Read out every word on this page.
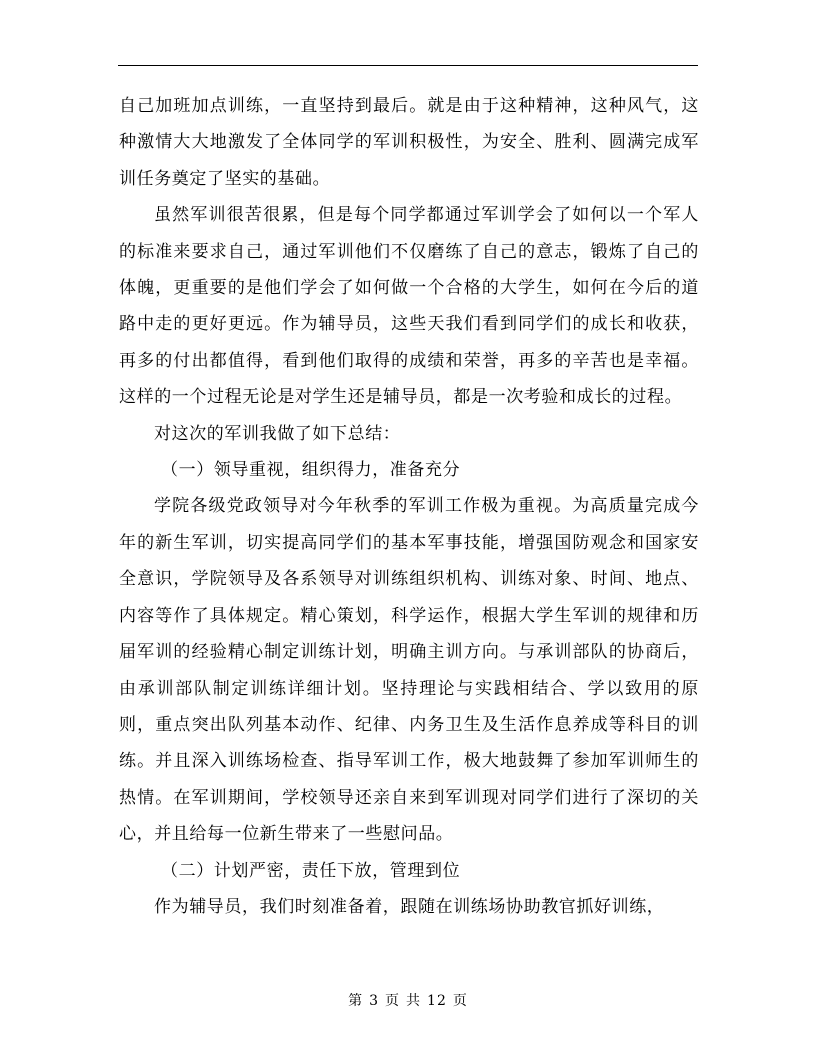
自己加班加点训练，一直坚持到最后。就是由于这种精神，这种风气，这种激情大大地激发了全体同学的军训积极性，为安全、胜利、圆满完成军训任务奠定了坚实的基础。

虽然军训很苦很累，但是每个同学都通过军训学会了如何以一个军人的标准来要求自己，通过军训他们不仅磨练了自己的意志，锻炼了自己的体魄，更重要的是他们学会了如何做一个合格的大学生，如何在今后的道路中走的更好更远。作为辅导员，这些天我们看到同学们的成长和收获，再多的付出都值得，看到他们取得的成绩和荣誉，再多的辛苦也是幸福。这样的一个过程无论是对学生还是辅导员，都是一次考验和成长的过程。

对这次的军训我做了如下总结：

（一）领导重视，组织得力，准备充分

学院各级党政领导对今年秋季的军训工作极为重视。为高质量完成今年的新生军训，切实提高同学们的基本军事技能，增强国防观念和国家安全意识，学院领导及各系领导对训练组织机构、训练对象、时间、地点、内容等作了具体规定。精心策划，科学运作，根据大学生军训的规律和历届军训的经验精心制定训练计划，明确主训方向。与承训部队的协商后，由承训部队制定训练详细计划。坚持理论与实践相结合、学以致用的原则，重点突出队列基本动作、纪律、内务卫生及生活作息养成等科目的训练。并且深入训练场检查、指导军训工作，极大地鼓舞了参加军训师生的热情。在军训期间，学校领导还亲自来到军训现对同学们进行了深切的关心，并且给每一位新生带来了一些慰问品。

（二）计划严密，责任下放，管理到位

作为辅导员，我们时刻准备着，跟随在训练场协助教官抓好训练，

第 3 页 共 12 页
